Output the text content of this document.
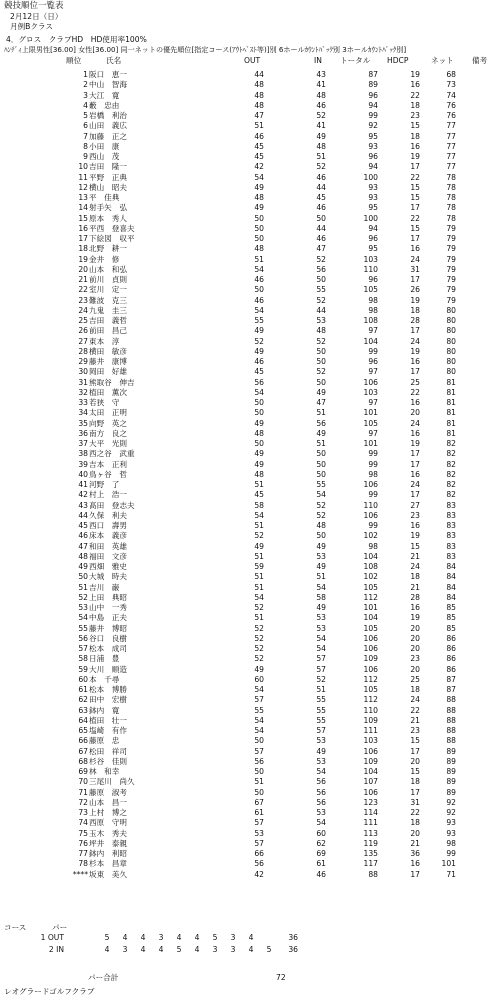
競技順位一覧表
2月12日（日）
月例Bクラス
4．グロス　クラブHD　HD使用率100%
ﾊﾝﾃﾞｨ上限男性[36.00] 女性[36.00] 同一ネットの優先順位[指定コース(ｱｳﾄﾍﾞｽﾄ等)]別 6ホールｶｳﾝﾄﾊﾞｯｸ別 3ホールｶｳﾝﾄﾊﾞｯｸ別]
順位	氏名	OUT	IN トータル HDCP	ネット 備考
1 阪口　恵一	44	43	87	19	68
2 中山　智海	48	41	89	16	73
3 大江　寛	48	48	96	22	74
4 藪　忠由	48	46	94	18	76
5 岩橋　利治	47	52	99	23	76
6 山田　義広	51	41	92	15	77
7 加藤　正之	46	49	95	18	77
8 小田　康	45	48	93	16	77
9 西山　茂	45	51	96	19	77
10 吉田　隆一	42	52	94	17	77
11 平野　正典	54	46	100	22	78
12 横山　昭夫	49	44	93	15	78
13 平　佳典	48	45	93	15	78
14 射手矢　弘	49	46	95	17	78
15 原本　秀人	50	50	100	22	78
16 平西　登喜夫	50	44	94	15	79
17 下絵図　収平	50	46	96	17	79
18 北野　耕一	48	47	95	16	79
19 金井　修	51	52	103	24	79
20 山本　和弘	54	56	110	31	79
21 前川　貞則	46	50	96	17	79
22 室川　定一	50	55	105	26	79
23 難波　克三	46	52	98	19	79
24 九鬼　圭三	54	44	98	18	80
25 吉田　義哲	55	53	108	28	80
26 前田　昌己	49	48	97	17	80
27 東本　淳	52	52	104	24	80
28 横田　敏彦	49	50	99	19	80
29 藤井　康博	46	50	96	16	80
30 岡田　好雄	45	52	97	17	80
31 熊取谷　伸吉	56	50	106	25	81
32 植田　薫次	54	49	103	22	81
33 若狭　守	50	47	97	16	81
34 太田　正明	50	51	101	20	81
35 向野　英之	49	56	105	24	81
36 南方　良之	48	49	97	16	81
37 大平　光則	50	51	101	19	82
38 西之谷　武重	49	50	99	17	82
39 吉本　正利	49	50	99	17	82
40 鳥ヶ谷　哲	48	50	98	16	82
41 河野　了	51	55	106	24	82
42 村上　浩一	45	54	99	17	82
43 髙田　登志夫	58	52	110	27	83
44 久保　利夫	54	52	106	23	83
45 西口　壽男	51	48	99	16	83
46 床本　義彦	52	50	102	19	83
47 和田　英雄	49	49	98	15	83
48 福田　文彦	51	53	104	21	83
49 西畑　雅史	59	49	108	24	84
50 大城　時夫	51	51	102	18	84
51 吉川　巌	51	54	105	21	84
52 上田　典昭	54	58	112	28	84
53 山中　一秀	52	49	101	16	85
54 中島　正夫	51	53	104	19	85
55 藤井　博昭	52	53	105	20	85
56 谷口　良樹	52	54	106	20	86
57 松本　成司	52	54	106	20	86
58 日浦　豊	52	57	109	23	86
59 大川　順造	49	57	106	20	86
60 本　千尋	60	52	112	25	87
61 松本　博勝	54	51	105	18	87
62 田中　宏樹	57	55	112	24	88
63 鉢内　寛	55	55	110	22	88
64 植田　壮一	54	55	109	21	88
65 塩崎　有作	54	57	111	23	88
66 藤原　忠	50	53	103	15	88
67 松田　祥司	57	49	106	17	89
68 杉谷　佳則	56	53	109	20	89
69 林　和幸	50	54	104	15	89
70 三尾川　尚久	51	56	107	18	89
71 藤原　淑考	50	56	106	17	89
72 山本　昌一	67	56	123	31	92
73 上村　博之	61	53	114	22	92
74 西原　守明	57	54	111	18	93
75 玉木　秀夫	53	60	113	20	93
76 坪井　泰親	57	62	119	21	98
77 鉢内　利昭	66	69	135	36	99
78 杉本　昌章	56	61	117	16	101
**** 坂東　美久	42	46	88	17	71
コース	パー
1 OUT	5	4	4	3	4	4	5	3	4	36
2 IN	4	3	4	4	5	4	3	3	4	5	36
パー合計	72
レオグラードゴルフクラブ
